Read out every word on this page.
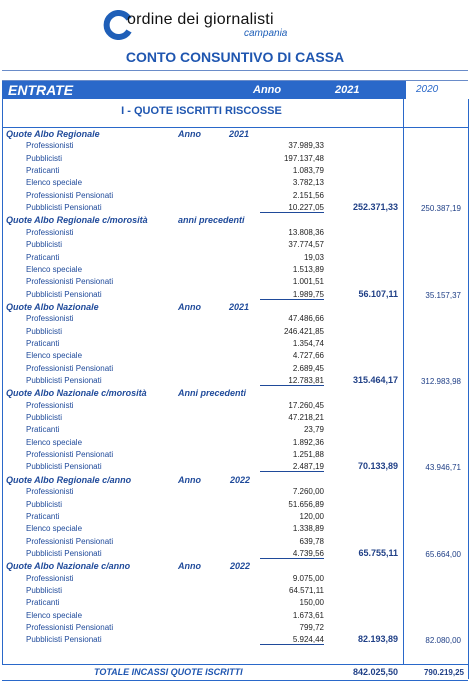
ordine dei giornalisti
campania
CONTO CONSUNTIVO DI CASSA
ENTRATE	Anno	2021	2020
I - QUOTE ISCRITTI RISCOSSE
Quote Albo Regionale	Anno	2021
Professionisti	37.989,33
Pubblicisti	197.137,48
Praticanti	1.083,79
Elenco speciale	3.782,13
Professionisti Pensionati	2.151,56
Pubblicisti Pensionati	10.227,05	252.371,33	250.387,19
Quote Albo Regionale c/morosità	anni precedenti
Professionisti	13.808,36
Pubblicisti	37.774,57
Praticanti	19,03
Elenco speciale	1.513,89
Professionisti Pensionati	1.001,51
Pubblicisti Pensionati	1.989,75	56.107,11	35.157,37
Quote Albo Nazionale	Anno	2021
Professionisti	47.486,66
Pubblicisti	246.421,85
Praticanti	1.354,74
Elenco speciale	4.727,66
Professionisti Pensionati	2.689,45
Pubblicisti Pensionati	12.783,81	315.464,17	312.983,98
Quote Albo Nazionale c/morosità	Anni precedenti
Professionisti	17.260,45
Pubblicisti	47.218,21
Praticanti	23,79
Elenco speciale	1.892,36
Professionisti Pensionati	1.251,88
Pubblicisti Pensionati	2.487,19	70.133,89	43.946,71
Quote Albo Regionale c/anno	Anno	2022
Professionisti	7.260,00
Pubblicisti	51.656,89
Praticanti	120,00
Elenco speciale	1.338,89
Professionisti Pensionati	639,78
Pubblicisti Pensionati	4.739,56	65.755,11	65.664,00
Quote Albo Nazionale c/anno	Anno	2022
Professionisti	9.075,00
Pubblicisti	64.571,11
Praticanti	150,00
Elenco speciale	1.673,61
Professionisti Pensionati	799,72
Pubblicisti Pensionati	5.924,44	82.193,89	82.080,00
TOTALE INCASSI QUOTE ISCRITTI	842.025,50	790.219,25
